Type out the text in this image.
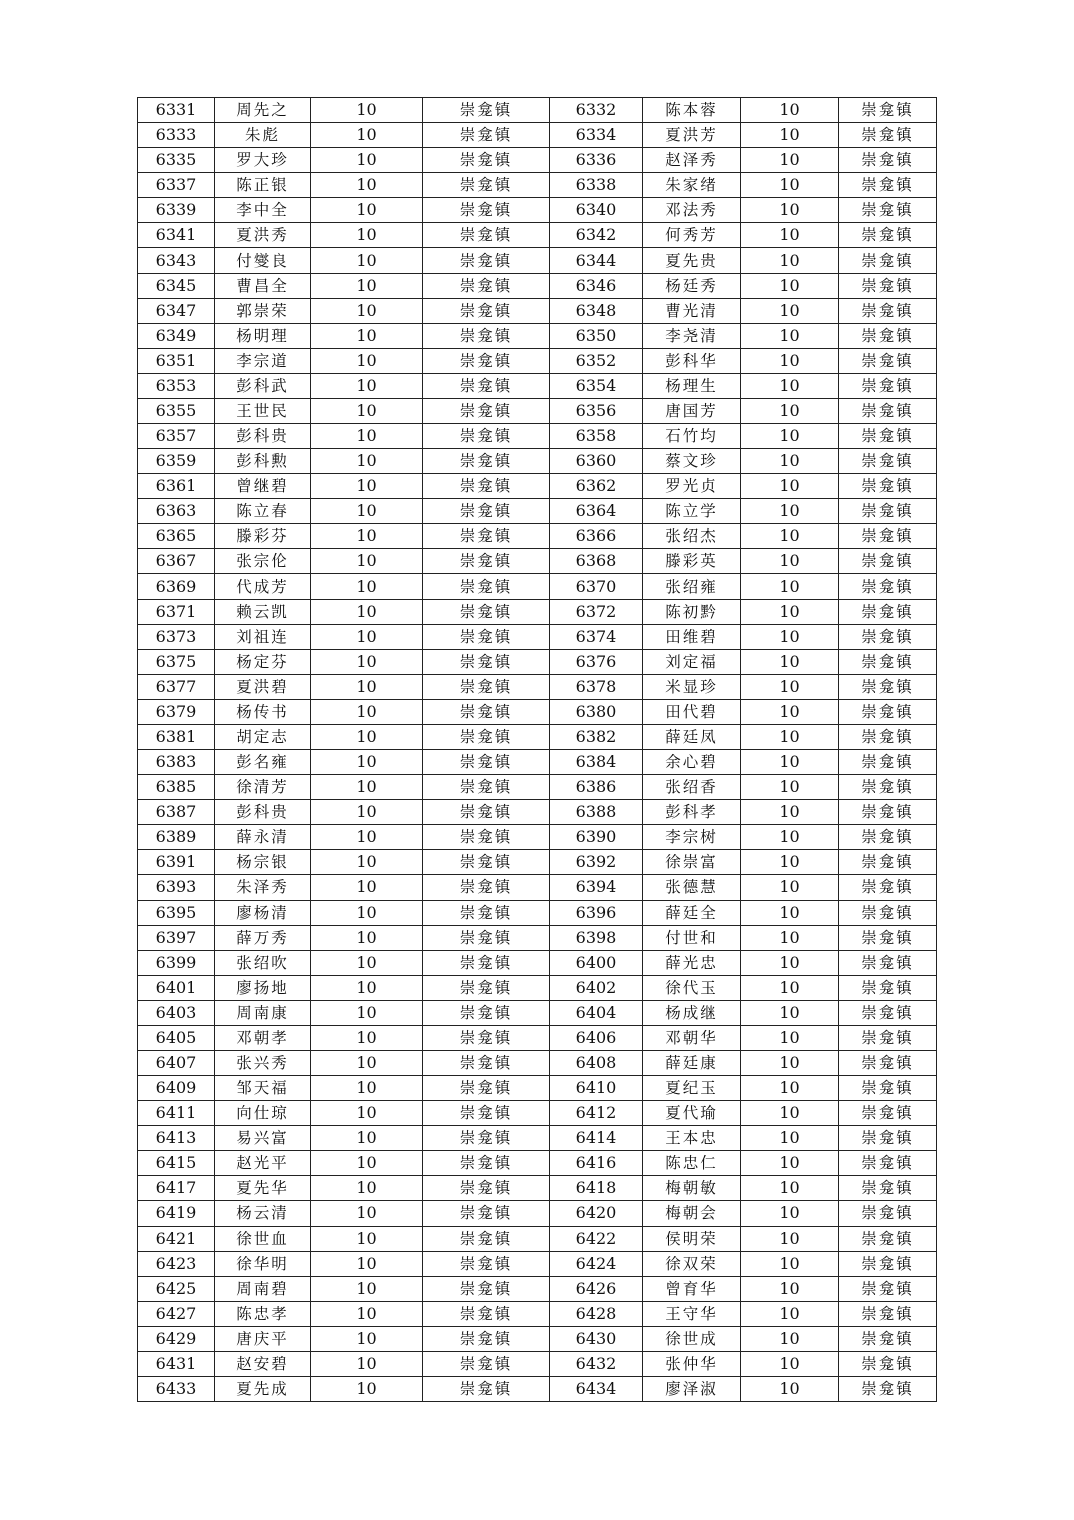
6331	周先之	10	崇龛镇	6332	陈本蓉	10	崇龛镇
6333	朱彪	10	崇龛镇	6334	夏洪芳	10	崇龛镇
6335	罗大珍	10	崇龛镇	6336	赵泽秀	10	崇龛镇
6337	陈正银	10	崇龛镇	6338	朱家绪	10	崇龛镇
6339	李中全	10	崇龛镇	6340	邓法秀	10	崇龛镇
6341	夏洪秀	10	崇龛镇	6342	何秀芳	10	崇龛镇
6343	付燮良	10	崇龛镇	6344	夏先贵	10	崇龛镇
6345	曹昌全	10	崇龛镇	6346	杨廷秀	10	崇龛镇
6347	郭崇荣	10	崇龛镇	6348	曹光清	10	崇龛镇
6349	杨明理	10	崇龛镇	6350	李尧清	10	崇龛镇
6351	李宗道	10	崇龛镇	6352	彭科华	10	崇龛镇
6353	彭科武	10	崇龛镇	6354	杨理生	10	崇龛镇
6355	王世民	10	崇龛镇	6356	唐国芳	10	崇龛镇
6357	彭科贵	10	崇龛镇	6358	石竹均	10	崇龛镇
6359	彭科勲	10	崇龛镇	6360	蔡文珍	10	崇龛镇
6361	曾继碧	10	崇龛镇	6362	罗光贞	10	崇龛镇
6363	陈立春	10	崇龛镇	6364	陈立学	10	崇龛镇
6365	滕彩芬	10	崇龛镇	6366	张绍杰	10	崇龛镇
6367	张宗伦	10	崇龛镇	6368	滕彩英	10	崇龛镇
6369	代成芳	10	崇龛镇	6370	张绍雍	10	崇龛镇
6371	赖云凯	10	崇龛镇	6372	陈初黔	10	崇龛镇
6373	刘祖连	10	崇龛镇	6374	田维碧	10	崇龛镇
6375	杨定芬	10	崇龛镇	6376	刘定福	10	崇龛镇
6377	夏洪碧	10	崇龛镇	6378	米显珍	10	崇龛镇
6379	杨传书	10	崇龛镇	6380	田代碧	10	崇龛镇
6381	胡定志	10	崇龛镇	6382	薛廷凤	10	崇龛镇
6383	彭名雍	10	崇龛镇	6384	余心碧	10	崇龛镇
6385	徐清芳	10	崇龛镇	6386	张绍香	10	崇龛镇
6387	彭科贵	10	崇龛镇	6388	彭科孝	10	崇龛镇
6389	薛永清	10	崇龛镇	6390	李宗树	10	崇龛镇
6391	杨宗银	10	崇龛镇	6392	徐崇富	10	崇龛镇
6393	朱泽秀	10	崇龛镇	6394	张德慧	10	崇龛镇
6395	廖杨清	10	崇龛镇	6396	薛廷全	10	崇龛镇
6397	薛万秀	10	崇龛镇	6398	付世和	10	崇龛镇
6399	张绍吹	10	崇龛镇	6400	薛光忠	10	崇龛镇
6401	廖扬地	10	崇龛镇	6402	徐代玉	10	崇龛镇
6403	周南康	10	崇龛镇	6404	杨成继	10	崇龛镇
6405	邓朝孝	10	崇龛镇	6406	邓朝华	10	崇龛镇
6407	张兴秀	10	崇龛镇	6408	薛廷康	10	崇龛镇
6409	邹天福	10	崇龛镇	6410	夏纪玉	10	崇龛镇
6411	向仕琼	10	崇龛镇	6412	夏代瑜	10	崇龛镇
6413	易兴富	10	崇龛镇	6414	王本忠	10	崇龛镇
6415	赵光平	10	崇龛镇	6416	陈忠仁	10	崇龛镇
6417	夏先华	10	崇龛镇	6418	梅朝敏	10	崇龛镇
6419	杨云清	10	崇龛镇	6420	梅朝会	10	崇龛镇
6421	徐世血	10	崇龛镇	6422	侯明荣	10	崇龛镇
6423	徐华明	10	崇龛镇	6424	徐双荣	10	崇龛镇
6425	周南碧	10	崇龛镇	6426	曾育华	10	崇龛镇
6427	陈忠孝	10	崇龛镇	6428	王守华	10	崇龛镇
6429	唐庆平	10	崇龛镇	6430	徐世成	10	崇龛镇
6431	赵安碧	10	崇龛镇	6432	张仲华	10	崇龛镇
6433	夏先成	10	崇龛镇	6434	廖泽淑	10	崇龛镇
